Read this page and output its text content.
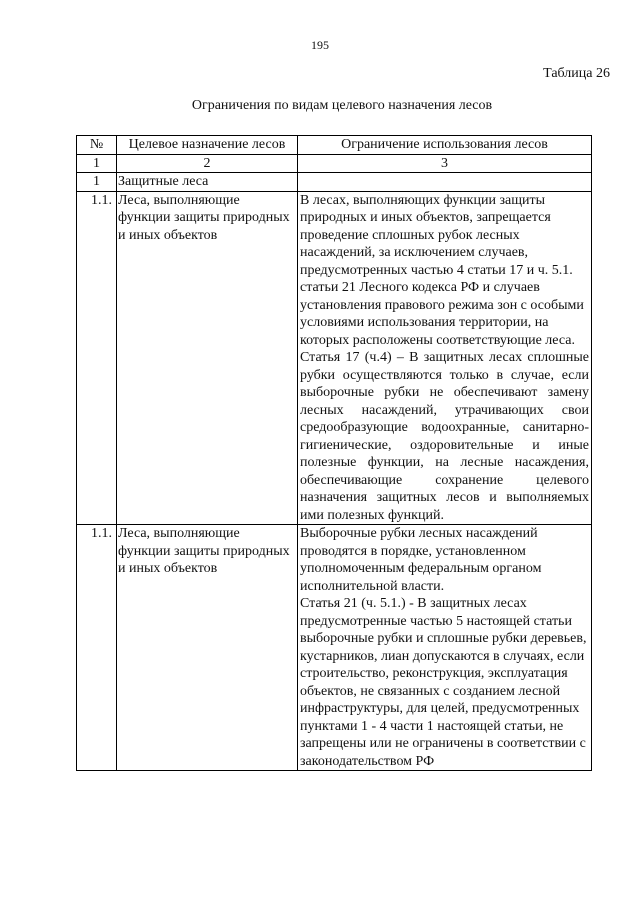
195
Таблица 26
Ограничения по видам целевого назначения лесов
№	Целевое назначение лесов	Ограничение использования лесов
1	2	3
1	Защитные леса	
1.1.	Леса, выполняющие функции защиты природных и иных объектов	В лесах, выполняющих функции защиты природных и иных объектов, запрещается проведение сплошных рубок лесных насаждений, за исключением случаев, предусмотренных частью 4 статьи 17 и ч. 5.1. статьи 21 Лесного кодекса РФ и случаев установления правового режима зон с особыми условиями использования территории, на которых расположены соответствующие леса.

Статья 17 (ч.4) – В защитных лесах сплошные рубки осуществляются только в случае, если выборочные рубки не обеспечивают замену лесных насаждений, утрачивающих свои средообразующие водоохранные, санитарно-гигиенические, оздоровительные и иные полезные функции, на лесные насаждения, обеспечивающие сохранение целевого назначения защитных лесов и выполняемых ими полезных функций.

1.1.	Леса, выполняющие функции защиты природных и иных объектов	Выборочные рубки лесных насаждений проводятся в порядке, установленном уполномоченным федеральным органом исполнительной власти.

Статья 21 (ч. 5.1.) - В защитных лесах предусмотренные частью 5 настоящей статьи выборочные рубки и сплошные рубки деревьев, кустарников, лиан допускаются в случаях, если строительство, реконструкция, эксплуатация объектов, не связанных с созданием лесной инфраструктуры, для целей, предусмотренных пунктами 1 - 4 части 1 настоящей статьи, не запрещены или не ограничены в соответствии с законодательством РФ
